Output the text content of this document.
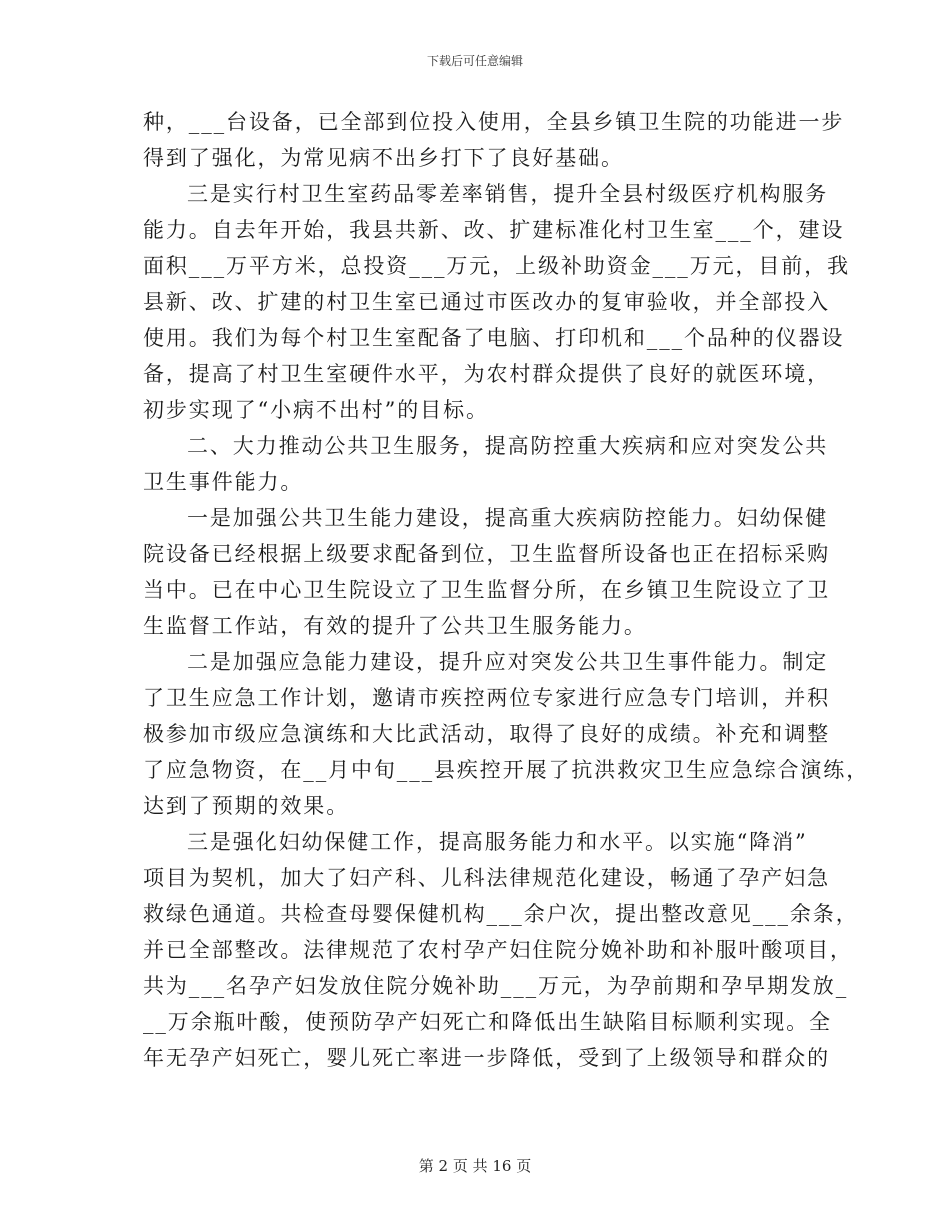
下载后可任意编辑
种，___台设备，已全部到位投入使用，全县乡镇卫生院的功能进一步
得到了强化，为常见病不出乡打下了良好基础。
三是实行村卫生室药品零差率销售，提升全县村级医疗机构服务
能力。自去年开始，我县共新、改、扩建标准化村卫生室___个，建设
面积___万平方米，总投资___万元，上级补助资金___万元，目前，我
县新、改、扩建的村卫生室已通过市医改办的复审验收，并全部投入
使用。我们为每个村卫生室配备了电脑、打印机和___个品种的仪器设
备，提高了村卫生室硬件水平，为农村群众提供了良好的就医环境，
初步实现了“小病不出村”的目标。
二、大力推动公共卫生服务，提高防控重大疾病和应对突发公共
卫生事件能力。
一是加强公共卫生能力建设，提高重大疾病防控能力。妇幼保健
院设备已经根据上级要求配备到位，卫生监督所设备也正在招标采购
当中。已在中心卫生院设立了卫生监督分所，在乡镇卫生院设立了卫
生监督工作站，有效的提升了公共卫生服务能力。
二是加强应急能力建设，提升应对突发公共卫生事件能力。制定
了卫生应急工作计划，邀请市疾控两位专家进行应急专门培训，并积
极参加市级应急演练和大比武活动，取得了良好的成绩。补充和调整
了应急物资，在__月中旬___县疾控开展了抗洪救灾卫生应急综合演练，
达到了预期的效果。
三是强化妇幼保健工作，提高服务能力和水平。以实施“降消”
项目为契机，加大了妇产科、儿科法律规范化建设，畅通了孕产妇急
救绿色通道。共检查母婴保健机构___余户次，提出整改意见___余条，
并已全部整改。法律规范了农村孕产妇住院分娩补助和补服叶酸项目，
共为___名孕产妇发放住院分娩补助___万元，为孕前期和孕早期发放_
__万余瓶叶酸，使预防孕产妇死亡和降低出生缺陷目标顺利实现。全
年无孕产妇死亡，婴儿死亡率进一步降低，受到了上级领导和群众的
第 2 页 共 16 页
